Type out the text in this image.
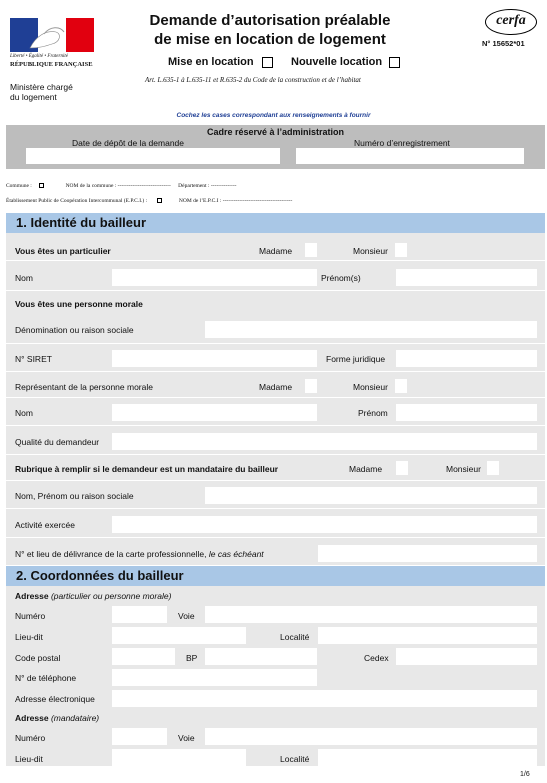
Liberté • Égalité • Fraternité
RÉPUBLIQUE FRANÇAISE
Ministère chargé
du logement
Demande d’autorisation préalable
de mise en location de logement
Mise en location	Nouvelle location
Art. L.635-1 à L.635-11 et R.635-2 du Code de la construction et de l’habitat
cerfa
N° 15652*01
Cochez les cases correspondant aux renseignements à fournir
Cadre réservé à l’administration
Date de dépôt de la demande	Numéro d’enregistrement
Commune :	NOM de la commune : ----------------------------- Département : --------------
Établissement Public de Coopération Intercommunal (E.P.C.I.) :	NOM de l’E.P.C.I : --------------------------------------
1. Identité du bailleur
Vous êtes un particulier	Madame	Monsieur
Nom	Prénom(s)
Vous êtes une personne morale
Dénomination ou raison sociale
N° SIRET	Forme juridique
Représentant de la personne morale	Madame	Monsieur
Nom	Prénom
Qualité du demandeur
Rubrique à remplir si le demandeur est un mandataire du bailleur	Madame	Monsieur
Nom, Prénom ou raison sociale
Activité exercée
N° et lieu de délivrance de la carte professionnelle, le cas échéant
2. Coordonnées du bailleur
Adresse (particulier ou personne morale)
Numéro	Voie
Lieu-dit	Localité
Code postal	BP	Cedex
N° de téléphone
Adresse électronique
Adresse (mandataire)
Numéro	Voie
Lieu-dit	Localité
1/6
